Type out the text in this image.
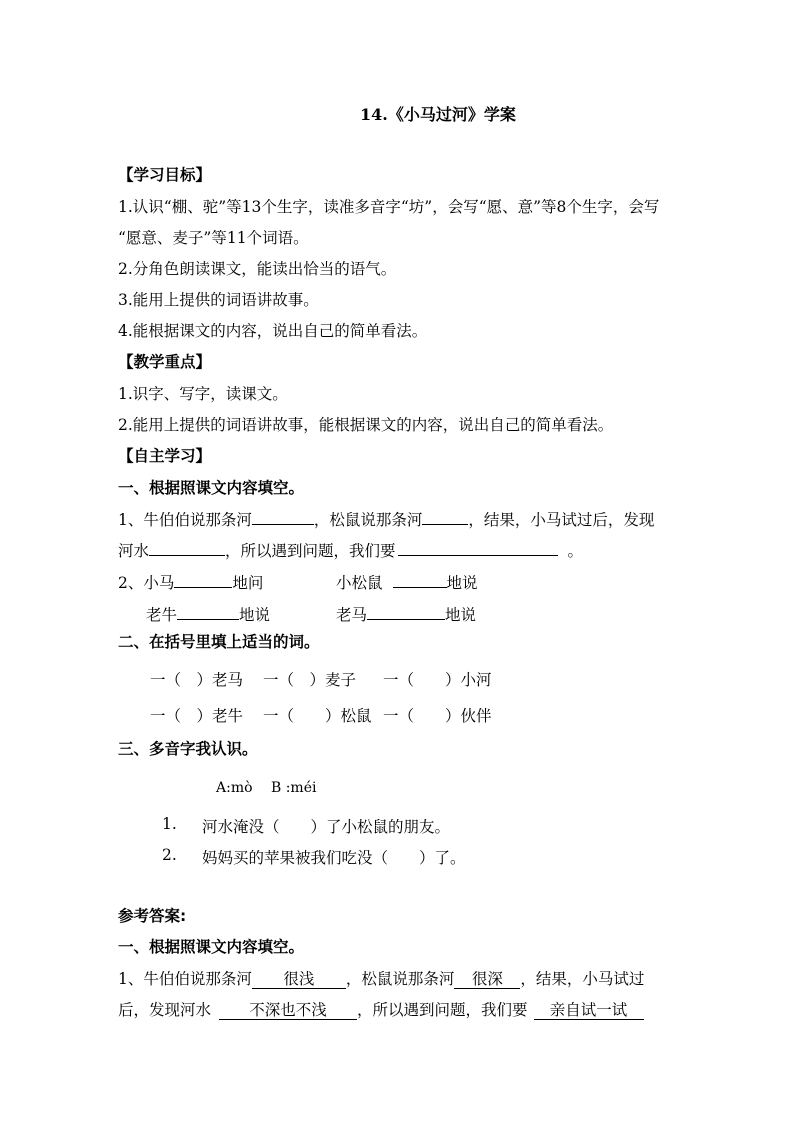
14.《小马过河》学案
【学习目标】
1.认识“棚、驼”等13个生字，读准多音字“坊”，会写“愿、意”等8个生字，会写
“愿意、麦子”等11个词语。
2.分角色朗读课文，能读出恰当的语气。
3.能用上提供的词语讲故事。
4.能根据课文的内容，说出自己的简单看法。
【教学重点】
1.识字、写字，读课文。
2.能用上提供的词语讲故事，能根据课文的内容，说出自己的简单看法。
【自主学习】
一、根据照课文内容填空。
1、牛伯伯说那条河	，松鼠说那条河	，结果，小马试过后，发现
河水	，所以遇到问题，我们要	。
2、小马	地问	小松鼠	地说
老牛	地说	老马	地说
二、在括号里填上适当的词。
一（　）老马 一（　）麦子 一（　　）小河
一（　）老牛 一（　　）松鼠 一（　　）伙伴
三、多音字我认识。
A:mò　 B :méi
1. 河水淹没（　　）了小松鼠的朋友。
2. 妈妈买的苹果被我们吃没（　　）了。
参考答案:
一、根据照课文内容填空。
1、牛伯伯说那条河 很浅 ，松鼠说那条河 很深 ，结果，小马试过
后，发现河水 不深也不浅 ，所以遇到问题，我们要 亲自试一试
